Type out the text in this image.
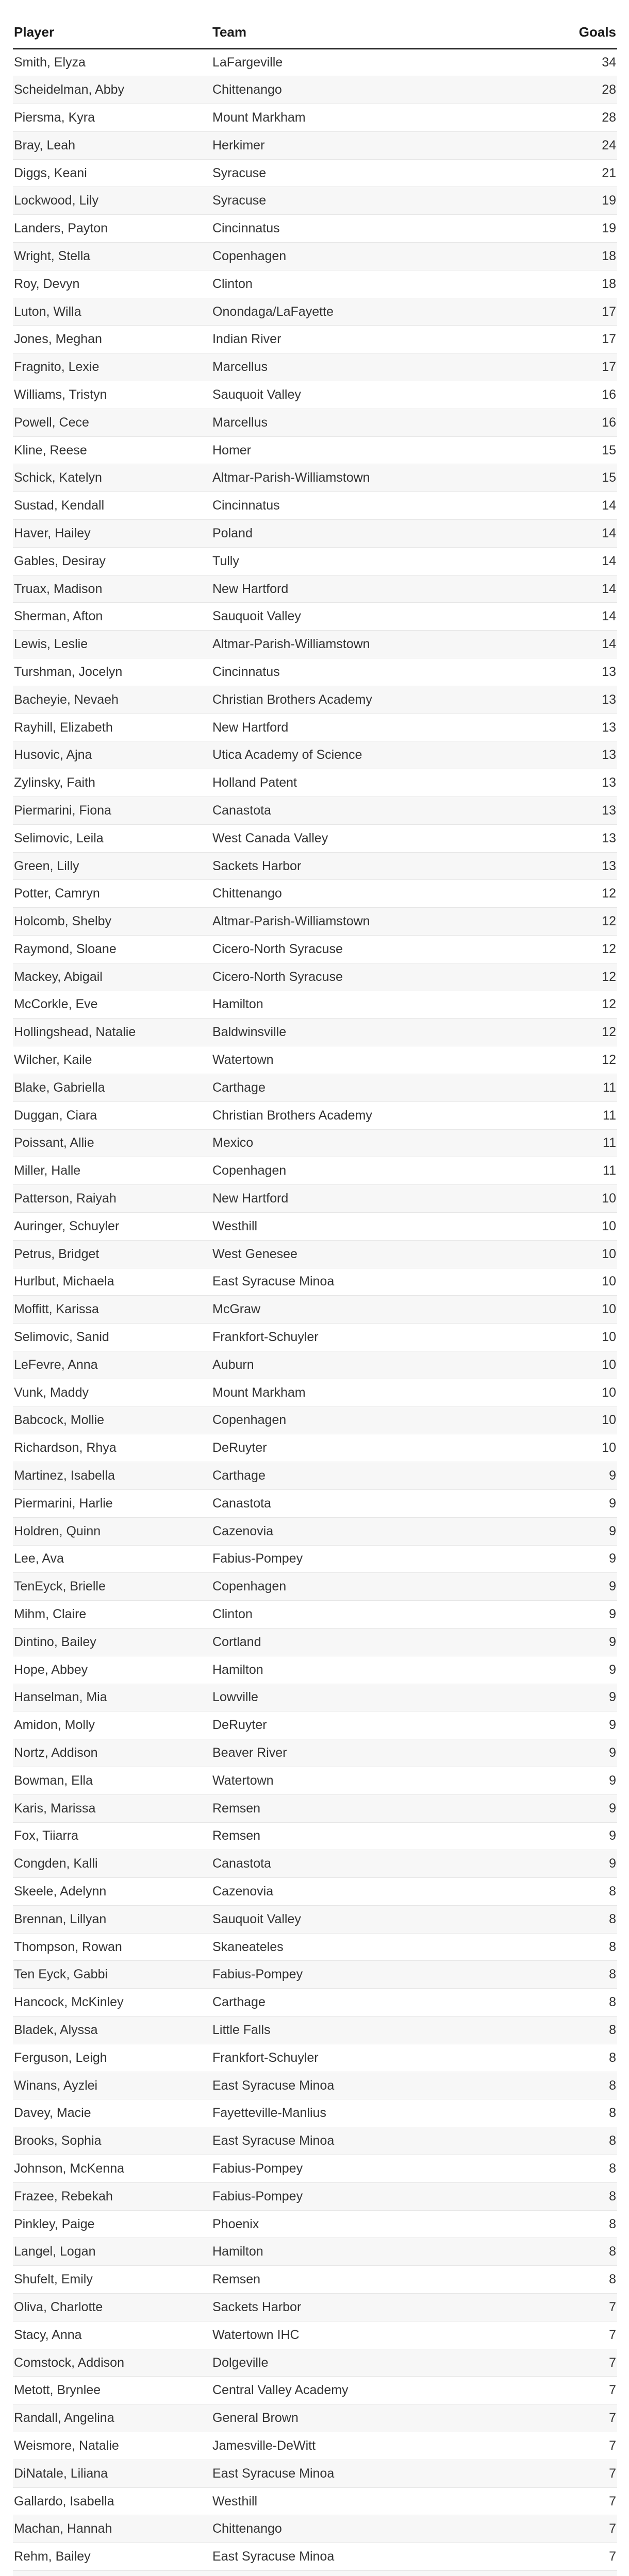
Player	Team	Goals
Smith, Elyza	LaFargeville	34
Scheidelman, Abby	Chittenango	28
Piersma, Kyra	Mount Markham	28
Bray, Leah	Herkimer	24
Diggs, Keani	Syracuse	21
Lockwood, Lily	Syracuse	19
Landers, Payton	Cincinnatus	19
Wright, Stella	Copenhagen	18
Roy, Devyn	Clinton	18
Luton, Willa	Onondaga/LaFayette	17
Jones, Meghan	Indian River	17
Fragnito, Lexie	Marcellus	17
Williams, Tristyn	Sauquoit Valley	16
Powell, Cece	Marcellus	16
Kline, Reese	Homer	15
Schick, Katelyn	Altmar-Parish-Williamstown	15
Sustad, Kendall	Cincinnatus	14
Haver, Hailey	Poland	14
Gables, Desiray	Tully	14
Truax, Madison	New Hartford	14
Sherman, Afton	Sauquoit Valley	14
Lewis, Leslie	Altmar-Parish-Williamstown	14
Turshman, Jocelyn	Cincinnatus	13
Bacheyie, Nevaeh	Christian Brothers Academy	13
Rayhill, Elizabeth	New Hartford	13
Husovic, Ajna	Utica Academy of Science	13
Zylinsky, Faith	Holland Patent	13
Piermarini, Fiona	Canastota	13
Selimovic, Leila	West Canada Valley	13
Green, Lilly	Sackets Harbor	13
Potter, Camryn	Chittenango	12
Holcomb, Shelby	Altmar-Parish-Williamstown	12
Raymond, Sloane	Cicero-North Syracuse	12
Mackey, Abigail	Cicero-North Syracuse	12
McCorkle, Eve	Hamilton	12
Hollingshead, Natalie	Baldwinsville	12
Wilcher, Kaile	Watertown	12
Blake, Gabriella	Carthage	11
Duggan, Ciara	Christian Brothers Academy	11
Poissant, Allie	Mexico	11
Miller, Halle	Copenhagen	11
Patterson, Raiyah	New Hartford	10
Auringer, Schuyler	Westhill	10
Petrus, Bridget	West Genesee	10
Hurlbut, Michaela	East Syracuse Minoa	10
Moffitt, Karissa	McGraw	10
Selimovic, Sanid	Frankfort-Schuyler	10
LeFevre, Anna	Auburn	10
Vunk, Maddy	Mount Markham	10
Babcock, Mollie	Copenhagen	10
Richardson, Rhya	DeRuyter	10
Martinez, Isabella	Carthage	9
Piermarini, Harlie	Canastota	9
Holdren, Quinn	Cazenovia	9
Lee, Ava	Fabius-Pompey	9
TenEyck, Brielle	Copenhagen	9
Mihm, Claire	Clinton	9
Dintino, Bailey	Cortland	9
Hope, Abbey	Hamilton	9
Hanselman, Mia	Lowville	9
Amidon, Molly	DeRuyter	9
Nortz, Addison	Beaver River	9
Bowman, Ella	Watertown	9
Karis, Marissa	Remsen	9
Fox, Tiiarra	Remsen	9
Congden, Kalli	Canastota	9
Skeele, Adelynn	Cazenovia	8
Brennan, Lillyan	Sauquoit Valley	8
Thompson, Rowan	Skaneateles	8
Ten Eyck, Gabbi	Fabius-Pompey	8
Hancock, McKinley	Carthage	8
Bladek, Alyssa	Little Falls	8
Ferguson, Leigh	Frankfort-Schuyler	8
Winans, Ayzlei	East Syracuse Minoa	8
Davey, Macie	Fayetteville-Manlius	8
Brooks, Sophia	East Syracuse Minoa	8
Johnson, McKenna	Fabius-Pompey	8
Frazee, Rebekah	Fabius-Pompey	8
Pinkley, Paige	Phoenix	8
Langel, Logan	Hamilton	8
Shufelt, Emily	Remsen	8
Oliva, Charlotte	Sackets Harbor	7
Stacy, Anna	Watertown IHC	7
Comstock, Addison	Dolgeville	7
Metott, Brynlee	Central Valley Academy	7
Randall, Angelina	General Brown	7
Weismore, Natalie	Jamesville-DeWitt	7
DiNatale, Liliana	East Syracuse Minoa	7
Gallardo, Isabella	Westhill	7
Machan, Hannah	Chittenango	7
Rehm, Bailey	East Syracuse Minoa	7
